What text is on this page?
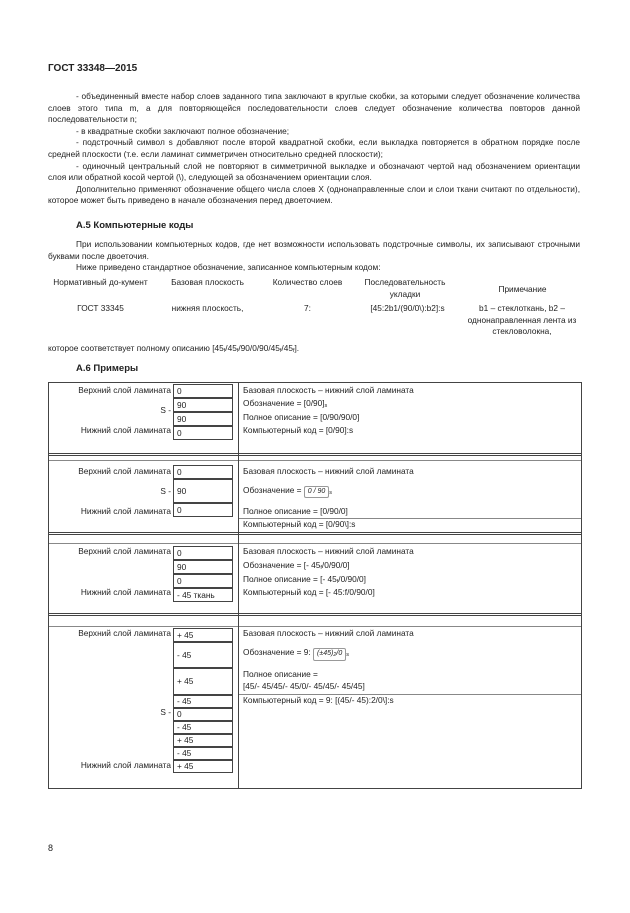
ГОСТ 33348—2015

- объединенный вместе набор слоев заданного типа заключают в круглые скобки, за которыми следует обозначение количества слоев этого типа m, а для повторяющейся последовательности слоев следует обозначение количества повторов данной последовательности n;

- в квадратные скобки заключают полное обозначение;

- подстрочный символ s добавляют после второй квадратной скобки, если выкладка повторяется в обратном порядке после средней плоскости (т.е. если ламинат симметричен относительно средней плоскости);

- одиночный центральный слой не повторяют в симметричной выкладке и обозначают чертой над обозначением ориентации слоя или обратной косой чертой (\), следующей за обозначением ориентации слоя.

Дополнительно применяют обозначение общего числа слоев X (однонаправленные слои и слои ткани считают по отдельности), которое может быть приведено в начале обозначения перед двоеточием.

А.5 Компьютерные коды

При использовании компьютерных кодов, где нет возможности использовать подстрочные символы, их записывают строчными буквами после двоеточия.

Ниже приведено стандартное обозначение, записанное компьютерным кодом:

Нормативный до-кумент	Базовая плоскость	Количество слоев	Последовательность укладки	Примечание
ГОСТ 33345	нижняя плоскость,	7:	[45:2b1/(90/0\):b2]:s	b1 – стеклоткань, b2 – однонаправленная лента из стекловолокна,
которое соответствует полному описанию [45f/45f/90/0/90/45f/45f].
А.6 Примеры
Верхний слой ламината
S -
Нижний слой ламината
0
90
90
0
Базовая плоскость – нижний слой ламината
Обозначение = [0/90]s
Полное описание = [0/90/90/0]
Компьютерный код = [0/90]:s
Верхний слой ламината
S -
Нижний слой ламината
0
90
0
Базовая плоскость – нижний слой ламината
Обозначение = 0 / 90 s
Полное описание = [0/90/0]
Компьютерный код = [0/90\]:s
Верхний слой ламината
Нижний слой ламината
0
90
0
- 45 ткань
Базовая плоскость – нижний слой ламината
Обозначение = [- 45f/0/90/0]
Полное описание = [- 45f/0/90/0]
Компьютерный код = [- 45:f/0/90/0]
Верхний слой ламината
S -
Нижний слой ламината
+ 45
- 45
+ 45
- 45
0
- 45
+ 45
- 45
+ 45
Базовая плоскость – нижний слой ламината
Обозначение = 9: (±45)2/0 s
Полное описание =
[45/- 45/45/- 45/0/- 45/45/- 45/45]
Компьютерный код = 9: [(45/- 45):2/0\]:s
8
